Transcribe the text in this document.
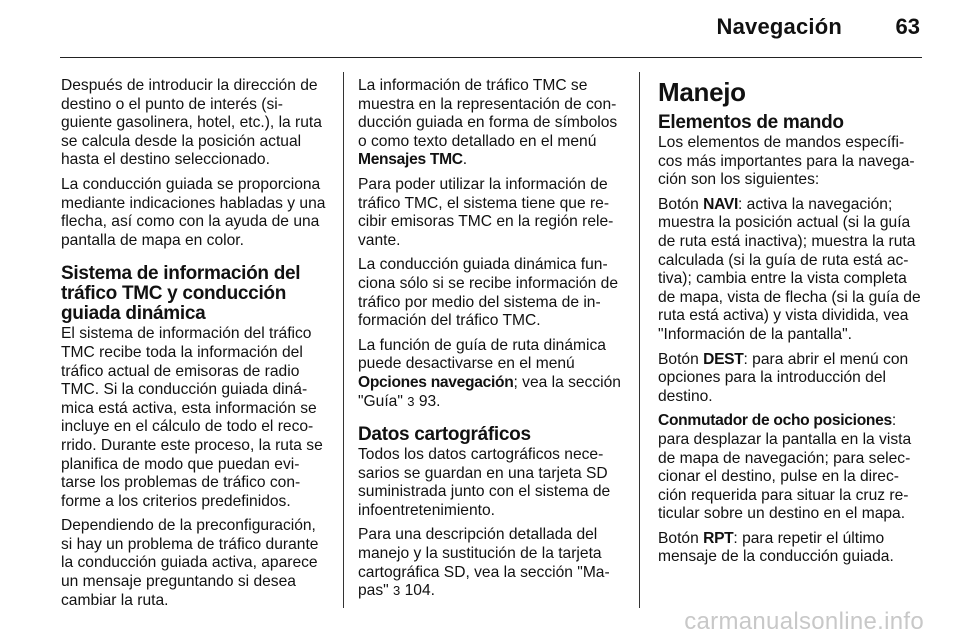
Navegación 63

Después de introducir la dirección de destino o el punto de interés (si-guiente gasolinera, hotel, etc.), la ruta se calcula desde la posición actual hasta el destino seleccionado.

La conducción guiada se proporciona mediante indicaciones habladas y una flecha, así como con la ayuda de una pantalla de mapa en color.

Sistema de información del tráfico TMC y conducción guiada dinámica

El sistema de información del tráfico TMC recibe toda la información del tráfico actual de emisoras de radio TMC. Si la conducción guiada diná-mica está activa, esta información se incluye en el cálculo de todo el reco-rrido. Durante este proceso, la ruta se planifica de modo que puedan evi-tarse los problemas de tráfico con-forme a los criterios predefinidos.

Dependiendo de la preconfiguración, si hay un problema de tráfico durante la conducción guiada activa, aparece un mensaje preguntando si desea cambiar la ruta.

La información de tráfico TMC se muestra en la representación de con-ducción guiada en forma de símbolos o como texto detallado en el menú Mensajes TMC.

Para poder utilizar la información de tráfico TMC, el sistema tiene que re-cibir emisoras TMC en la región rele-vante.

La conducción guiada dinámica fun-ciona sólo si se recibe información de tráfico por medio del sistema de in-formación del tráfico TMC.

La función de guía de ruta dinámica puede desactivarse en el menú Opciones navegación; vea la sección "Guía" 3 93.

Datos cartográficos

Todos los datos cartográficos nece-sarios se guardan en una tarjeta SD suministrada junto con el sistema de infoentretenimiento.

Para una descripción detallada del manejo y la sustitución de la tarjeta cartográfica SD, vea la sección "Ma-pas" 3 104.

Manejo
Elementos de mando

Los elementos de mandos específi-cos más importantes para la navega-ción son los siguientes:

Botón NAVI: activa la navegación; muestra la posición actual (si la guía de ruta está inactiva); muestra la ruta calculada (si la guía de ruta está ac-tiva); cambia entre la vista completa de mapa, vista de flecha (si la guía de ruta está activa) y vista dividida, vea "Información de la pantalla".

Botón DEST: para abrir el menú con opciones para la introducción del destino.

Conmutador de ocho posiciones: para desplazar la pantalla en la vista de mapa de navegación; para selec-cionar el destino, pulse en la direc-ción requerida para situar la cruz re-ticular sobre un destino en el mapa.

Botón RPT: para repetir el último mensaje de la conducción guiada.

carmanualsonline.info
